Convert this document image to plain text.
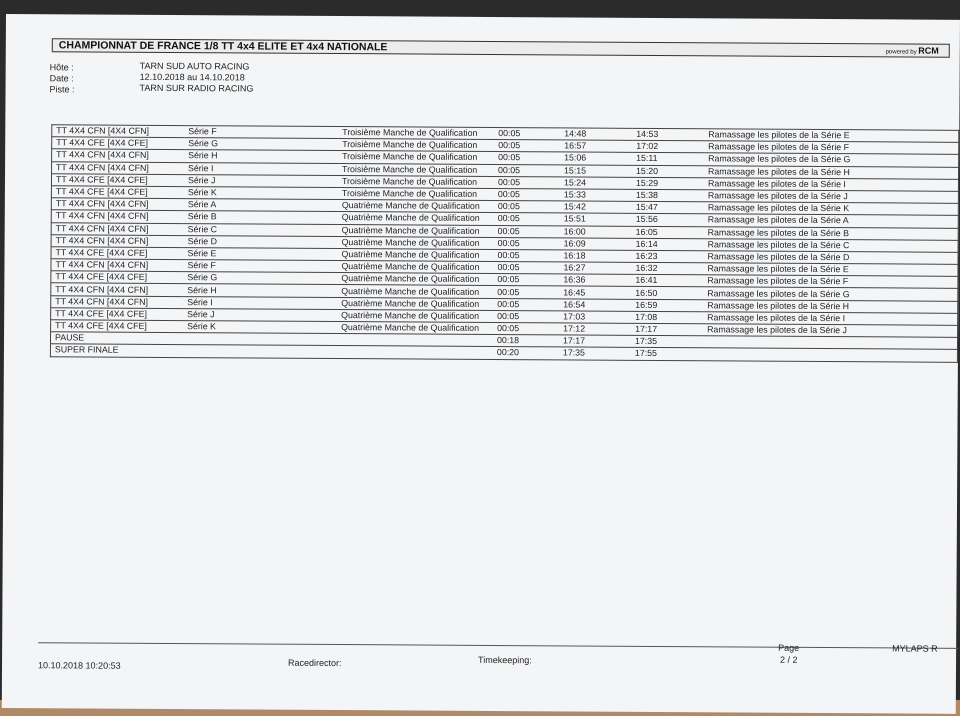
CHAMPIONNAT DE FRANCE 1/8 TT 4x4 ELITE ET 4x4 NATIONALE	powered by RCM
Hôte :	TARN SUD AUTO RACING
Date :	12.10.2018 au 14.10.2018
Piste :	TARN SUR RADIO RACING
TT 4X4 CFN [4X4 CFN]	Série F	Troisième Manche de Qualification	00:05	14:48	14:53	Ramassage les pilotes de la Série E
TT 4X4 CFE [4X4 CFE]	Série G	Troisième Manche de Qualification	00:05	16:57	17:02	Ramassage les pilotes de la Série F
TT 4X4 CFN [4X4 CFN]	Série H	Troisième Manche de Qualification	00:05	15:06	15:11	Ramassage les pilotes de la Série G
TT 4X4 CFN [4X4 CFN]	Série I	Troisième Manche de Qualification	00:05	15:15	15:20	Ramassage les pilotes de la Série H
TT 4X4 CFE [4X4 CFE]	Série J	Troisième Manche de Qualification	00:05	15:24	15:29	Ramassage les pilotes de la Série I
TT 4X4 CFE [4X4 CFE]	Série K	Troisième Manche de Qualification	00:05	15:33	15:38	Ramassage les pilotes de la Série J
TT 4X4 CFN [4X4 CFN]	Série A	Quatrième Manche de Qualification	00:05	15:42	15:47	Ramassage les pilotes de la Série K
TT 4X4 CFN [4X4 CFN]	Série B	Quatrième Manche de Qualification	00:05	15:51	15:56	Ramassage les pilotes de la Série A
TT 4X4 CFN [4X4 CFN]	Série C	Quatrième Manche de Qualification	00:05	16:00	16:05	Ramassage les pilotes de la Série B
TT 4X4 CFN [4X4 CFN]	Série D	Quatrième Manche de Qualification	00:05	16:09	16:14	Ramassage les pilotes de la Série C
TT 4X4 CFE [4X4 CFE]	Série E	Quatrième Manche de Qualification	00:05	16:18	16:23	Ramassage les pilotes de la Série D
TT 4X4 CFN [4X4 CFN]	Série F	Quatrième Manche de Qualification	00:05	16:27	16:32	Ramassage les pilotes de la Série E
TT 4X4 CFE [4X4 CFE]	Série G	Quatrième Manche de Qualification	00:05	16:36	16:41	Ramassage les pilotes de la Série F
TT 4X4 CFN [4X4 CFN]	Série H	Quatrième Manche de Qualification	00:05	16:45	16:50	Ramassage les pilotes de la Série G
TT 4X4 CFN [4X4 CFN]	Série I	Quatrième Manche de Qualification	00:05	16:54	16:59	Ramassage les pilotes de la Série H
TT 4X4 CFE [4X4 CFE]	Série J	Quatrième Manche de Qualification	00:05	17:03	17:08	Ramassage les pilotes de la Série I
TT 4X4 CFE [4X4 CFE]	Série K	Quatrième Manche de Qualification	00:05	17:12	17:17	Ramassage les pilotes de la Série J
PAUSE			00:18	17:17	17:35	
SUPER FINALE			00:20	17:35	17:55	
10.10.2018 10:20:53	Racedirector:	Timekeeping:
Page
2 / 2
MYLAPS R
